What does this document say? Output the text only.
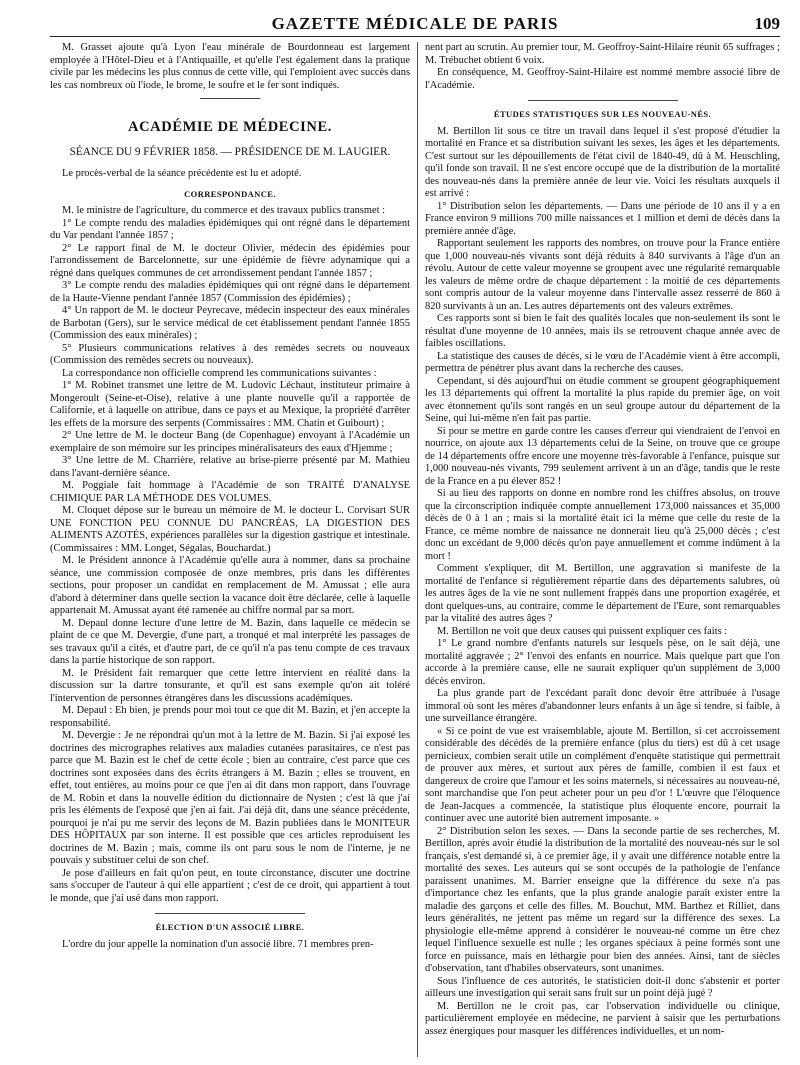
GAZETTE MÉDICALE DE PARIS	109

M. Grasset ajoute qu'à Lyon l'eau minérale de Bourdonneau est largement employée à l'Hôtel-Dieu et à l'Antiquaille, et qu'elle l'est également dans la pratique civile par les médecins les plus connus de cette ville, qui l'emploient avec succès dans les cas nombreux où l'iode, le brome, le soufre et le fer sont indiqués.

ACADÉMIE DE MÉDECINE.
SÉANCE DU 9 FÉVRIER 1858. — PRÉSIDENCE DE M. LAUGIER.

Le procès-verbal de la séance précédente est lu et adopté.

CORRESPONDANCE.

M. le ministre de l'agriculture, du commerce et des travaux publics transmet :

1° Le compte rendu des maladies épidémiques qui ont régné dans le département du Var pendant l'année 1857 ;

2° Le rapport final de M. le docteur Olivier, médecin des épidémies pour l'arrondissement de Barcelonnette, sur une épidémie de fièvre adynamique qui a régné dans quelques communes de cet arrondissement pendant l'année 1857 ;

3° Le compte rendu des maladies épidémiques qui ont régné dans le département de la Haute-Vienne pendant l'année 1857 (Commission des épidémies) ;

4° Un rapport de M. le docteur Peyrecave, médecin inspecteur des eaux minérales de Barbotan (Gers), sur le service médical de cet établissement pendant l'année 1855 (Commission des eaux minérales) ;

5° Plusieurs communications relatives à des remèdes secrets ou nouveaux (Commission des remèdes secrets ou nouveaux).

La correspondance non officielle comprend les communications suivantes :

1° M. Robinet transmet une lettre de M. Ludovic Léchaut, instituteur primaire à Mongeroult (Seine-et-Oise), relative à une plante nouvelle qu'il a rapportée de Californie, et à laquelle on attribue, dans ce pays et au Mexique, la propriété d'arrêter les effets de la morsure des serpents (Commissaires : MM. Chatin et Guibourt) ;

2° Une lettre de M. le docteur Bang (de Copenhague) envoyant à l'Académie un exemplaire de son mémoire sur les principes minéralisateurs des eaux d'Hjemme ;

3° Une lettre de M. Charrière, relative au brise-pierre présenté par M. Mathieu dans l'avant-dernière séance.

M. Poggiale fait hommage à l'Académie de son TRAITÉ D'ANALYSE CHIMIQUE PAR LA MÉTHODE DES VOLUMES.

M. Cloquet dépose sur le bureau un mémoire de M. le docteur L. Corvisart SUR UNE FONCTION PEU CONNUE DU PANCRÉAS, LA DIGESTION DES ALIMENTS AZOTÉS, expériences parallèles sur la digestion gastrique et intestinale. (Commissaires : MM. Longet, Ségalas, Bouchardat.)

M. le Président annonce à l'Académie qu'elle aura à nommer, dans sa prochaine séance, une commission composée de onze membres, pris dans les différentes sections, pour proposer un candidat en remplacement de M. Amussat ; elle aura d'abord à déterminer dans quelle section la vacance doit être déclarée, celle à laquelle appartenait M. Amussat ayant été ramenée au chiffre normal par sa mort.

M. Depaul donne lecture d'une lettre de M. Bazin, dans laquelle ce médecin se plaint de ce que M. Devergie, d'une part, a tronqué et mal interprété les passages de ses travaux qu'il a cités, et d'autre part, de ce qu'il n'a pas tenu compte de ces travaux dans la partie historique de son rapport.

M. le Président fait remarquer que cette lettre intervient en réalité dans la discussion sur la dartre tonsurante, et qu'il est sans exemple qu'on ait toléré l'intervention de personnes étrangères dans les discussions académiques.

M. Depaul : Eh bien, je prends pour moi tout ce que dit M. Bazin, et j'en accepte la responsabilité.

M. Devergie : Je ne répondrai qu'un mot à la lettre de M. Bazin. Si j'ai exposé les doctrines des micrographes relatives aux maladies cutanées parasitaires, ce n'est pas parce que M. Bazin est le chef de cette école ; bien au contraire, c'est parce que ces doctrines sont exposées dans des écrits étrangers à M. Bazin ; elles se trouvent, en effet, tout entières, au moins pour ce que j'en ai dit dans mon rapport, dans l'ouvrage de M. Robin et dans la nouvelle édition du dictionnaire de Nysten ; c'est là que j'ai pris les éléments de l'exposé que j'en ai fait. J'ai déjà dit, dans une séance précédente, pourquoi je n'ai pu me servir des leçons de M. Bazin publiées dans le MONITEUR DES HÔPITAUX par son interne. Il est possible que ces articles reproduisent les doctrines de M. Bazin ; mais, comme ils ont paru sous le nom de l'interne, je ne pouvais y substituer celui de son chef.

Je pose d'ailleurs en fait qu'on peut, en toute circonstance, discuter une doctrine sans s'occuper de l'auteur à qui elle appartient ; c'est de ce droit, qui appartient à tout le monde, que j'ai usé dans mon rapport.

ÉLECTION D'UN ASSOCIÉ LIBRE.

L'ordre du jour appelle la nomination d'un associé libre. 71 membres pren-

nent part au scrutin. Au premier tour, M. Geoffroy-Saint-Hilaire réunit 65 suffrages ; M. Trébuchet obtient 6 voix.

En conséquence, M. Geoffroy-Saint-Hilaire est nommé membre associé libre de l'Académie.

ÉTUDES STATISTIQUES SUR LES NOUVEAU-NÉS.

M. Bertillon lit sous ce titre un travail dans lequel il s'est proposé d'étudier la mortalité en France et sa distribution suivant les sexes, les âges et les départements. C'est surtout sur les dépouillements de l'état civil de 1840-49, dû à M. Heuschling, qu'il fonde son travail. Il ne s'est encore occupé que de la distribution de la mortalité des nouveau-nés dans la première année de leur vie. Voici les résultats auxquels il est arrivé :

1° Distribution selon les départements. — Dans une période de 10 ans il y a en France environ 9 millions 700 mille naissances et 1 million et demi de décès dans la première année d'âge.

Rapportant seulement les rapports des nombres, on trouve pour la France entière que 1,000 nouveau-nés vivants sont déjà réduits à 840 survivants à l'âge d'un an révolu. Autour de cette valeur moyenne se groupent avec une régularité remarquable les valeurs de même ordre de chaque département : la moitié de ces départements sont compris autour de la valeur moyenne dans l'intervalle assez resserré de 860 à 820 survivants à un an. Les autres départements ont des valeurs extrêmes.

Ces rapports sont si bien le fait des qualités locales que non-seulement ils sont le résultat d'une moyenne de 10 années, mais ils se retrouvent chaque année avec de faibles oscillations.

La statistique des causes de décès, si le vœu de l'Académie vient à être accompli, permettra de pénétrer plus avant dans la recherche des causes.

Cependant, si dès aujourd'hui on étudie comment se groupent géographiquement les 13 départements qui offrent la mortalité la plus rapide du premier âge, on voit avec étonnement qu'ils sont rangés en un seul groupe autour du département de la Seine, qui lui-même n'en fait pas partie.

Si pour se mettre en garde contre les causes d'erreur qui viendraient de l'envoi en nourrice, on ajoute aux 13 départements celui de la Seine, on trouve que ce groupe de 14 départements offre encore une moyenne très-favorable à l'enfance, puisque sur 1,000 nouveau-nés vivants, 799 seulement arrivent à un an d'âge, tandis que le reste de la France en a pu élever 852 !

Si au lieu des rapports on donne en nombre rond les chiffres absolus, on trouve que la circonscription indiquée compte annuellement 173,000 naissances et 35,000 décès de 0 à 1 an ; mais si la mortalité était ici la même que celle du reste de la France, ce même nombre de naissance ne donnerait lieu qu'à 25,000 décès ; c'est donc un excédant de 9,000 décès qu'on paye annuellement et comme indûment à la mort !

Comment s'expliquer, dit M. Bertillon, une aggravation si manifeste de la mortalité de l'enfance si régulièrement répartie dans des départements salubres, où les autres âges de la vie ne sont nullement frappés dans une proportion exagérée, et dont quelques-uns, au contraire, comme le département de l'Eure, sont remarquables par la vitalité des autres âges ?

M. Bertillon ne voit que deux causes qui puissent expliquer ces faits :

1° Le grand nombre d'enfants naturels sur lesquels pèse, on le sait déjà, une mortalité aggravée ; 2° l'envoi des enfants en nourrice. Mais quelque part que l'on accorde à la première cause, elle ne saurait expliquer qu'un supplément de 3,000 décès environ.

La plus grande part de l'excédant paraît donc devoir être attribuée à l'usage immoral où sont les mères d'abandonner leurs enfants à un âge si tendre, si faible, à une surveillance étrangère.

« Si ce point de vue est vraisemblable, ajoute M. Bertillon, si cet accroissement considérable des décédés de la première enfance (plus du tiers) est dû à cet usage pernicieux, combien serait utile un complément d'enquête statistique qui permettrait de prouver aux mères, et surtout aux pères de famille, combien il est faux et dangereux de croire que l'amour et les soins maternels, si nécessaires au nouveau-né, sont marchandise que l'on peut acheter pour un peu d'or ! L'œuvre que l'éloquence de Jean-Jacques a commencée, la statistique plus éloquente encore, pourrait la continuer avec une autorité bien autrement imposante. »

2° Distribution selon les sexes. — Dans la seconde partie de ses recherches, M. Bertillon, après avoir étudié la distribution de la mortalité des nouveau-nés sur le sol français, s'est demandé si, à ce premier âge, il y avait une différence notable entre la mortalité des sexes. Les auteurs qui se sont occupés de la pathologie de l'enfance paraissent unanimes. M. Barrier enseigne que la différence du sexe n'a pas d'importance chez les enfants, que la plus grande analogie paraît exister entre la maladie des garçons et celle des filles. M. Bouchut, MM. Barthez et Rilliet, dans leurs généralités, ne jettent pas même un regard sur la différence des sexes. La physiologie elle-même apprend à considérer le nouveau-né comme un être chez lequel l'influence sexuelle est nulle ; les organes spéciaux à peine formés sont une force en puissance, mais en léthargie pour bien des années. Ainsi, tant de siècles d'observation, tant d'habiles observateurs, sont unanimes.

Sous l'influence de ces autorités, le statisticien doit-il donc s'abstenir et porter ailleurs une investigation qui serait sans fruit sur un point déjà jugé ?

M. Bertillon ne le croit pas, car l'observation individuelle ou clinique, particulièrement employée en médecine, ne parvient à saisir que les perturbations assez énergiques pour masquer les différences individuelles, et un nom-
